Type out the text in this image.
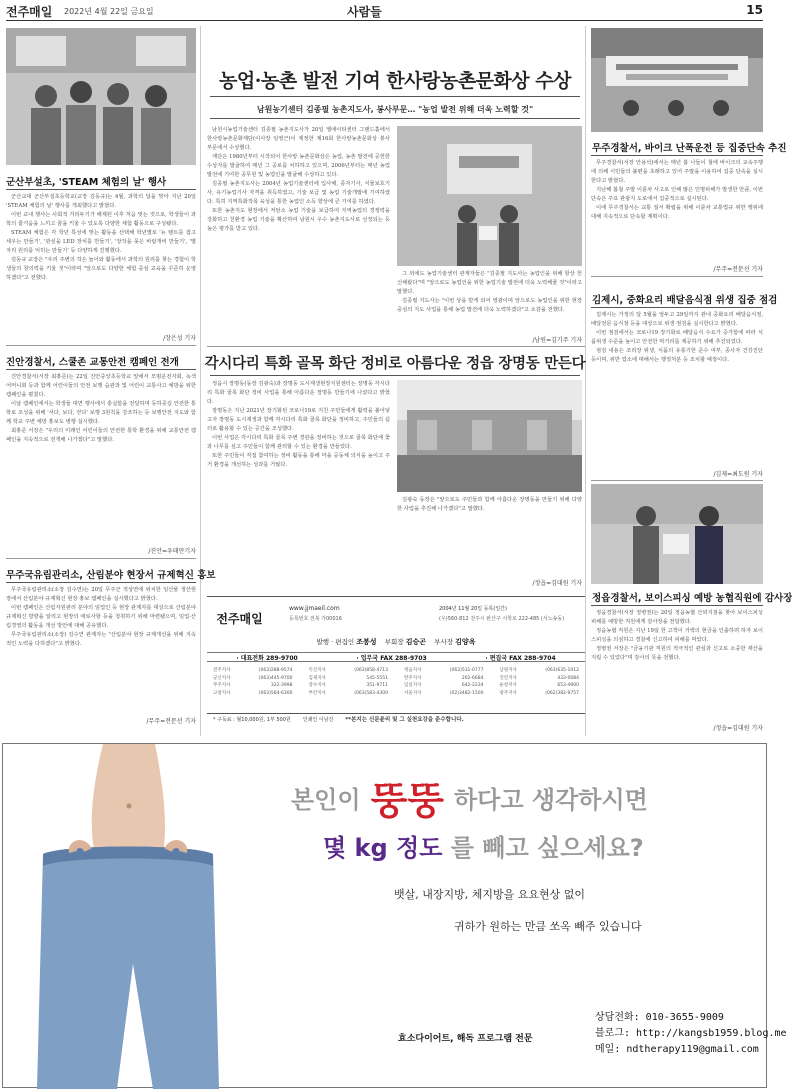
전주매일 2022년 4월 22일 금요일	사람들	15
군산부설초, 'STEAM 체험의 날' 행사

군산교대 군산부설초등학교(교장 김동규)는 4월, 과학의 달을 맞아 지난 20일 'STEAM 체험의 날' 행사를 개최했다고 밝혔다.

이번 교내 행사는 사회적 거리두기가 해제된 이후 처음 맞는 것으로, 학생들이 과학의 즐거움을 느끼고 꿈을 키울 수 있도록 다양한 체험 활동으로 구성됐다.

STEAM 체험은 각 학년 특성에 맞는 활동을 선택해 학년별로 '뉴 텐트를 접고 세우는 만들기', '관심을 LED 장치를 만들기', '장작을 꽂은 바람개비 만들기', '별자리 원리를 익히는 만들기' 등 다양하게 진행했다.

김동규 교장은 "우리 주변의 작은 놀이와 활동에서 과학의 원리를 찾는 경험이 학생들의 창의력을 키울 것"이라며 "앞으로도 다양한 체험 중심 교육을 꾸준히 운영하겠다"고 전했다.

/장은성 기자
진안경찰서, 스쿨존 교통안전 캠페인 전개

진안경찰서(서장 최홍준)는 22일 진안중앙초등학교 앞에서 모범운전자회, 녹색어머니회 등과 함께 어린이들의 안전 보행 습관과 및 어린이 교통사고 예방을 위한 캠페인을 펼쳤다.

이날 캠페인에서는 학생들 대면 행사에서 충실함을 전달하며 등하굣길 안전한 통학로 조성을 위해 '서다, 보다, 걷다' 보행 3원칙을 강조하는 등 보행안전 지도와 함께 학교 주변 예방 홍보도 병행 실시했다.

최홍준 서장은 "우리의 미래인 어린이들의 안전한 통학 환경을 위해 교통안전 캠페인을 지속적으로 전개해 나가겠다"고 말했다.

/진안=우태만기자
무주국유림관리소, 산림분야 현장서 규제혁신 홍보

무주국유림관리소(소장 김수연)는 20일 무주군 적상면에 위치한 임산물 생산현장에서 산림분야 규제혁신 현장 홍보 캠페인을 실시했다고 밝혔다.

이번 캠페인은 산림자원관리 분야의 임업인 등 현장 관계자를 대상으로 산림분야 규제혁신 방향을 알리고 현장의 애로사항 등을 청취하기 위해 마련됐으며, 임업·산림경영의 활동을 개선 방안에 대해 공유했다.

무주국유림관리소(소장) 김수연 관계자는 "산림분야 현장 규제개선을 위해 지속적인 노력을 다하겠다"고 밝혔다.

/무주=전문선 기자
농업·농촌 발전 기여 한사랑농촌문화상 수상
남원농기센터 김종필 농촌지도사, 봉사부문… "농업 발전 위해 더욱 노력할 것"

남원시농업기술센터 김종필 농촌지도사가 20일 엘에이티센터 그랜드홀에서 한사랑농촌문화재단(이사장 임영근)이 제정한 제16회 한사랑농촌문화상 봉사부문에서 수상했다.

재단은 1980년부터 시작되어 한사랑 농촌문화상은 농업, 농촌 발전에 공헌한 수상자를 발굴하여 매년 그 공로를 치하하고 있으며, 2006년부터는 매년 농업 발전에 기여한 공무원 및 농업인을 발굴해 수상하고 있다.

김종필 농촌지도사는 2004년 농업기술센터에 입사해, 종자기사, 식물보호기사, 유기농업기사 자격을 취득하였고, 기술 보급 및 농업 기술개발에 기여하였다. 특히 지역특화작목 육성을 통한 농업인 소득 향상에 큰 기여를 하였다.

또한 농촌지도 현장에서 저탄소 농업 기술을 보급하여 지역농업의 경쟁력을 강화하고 친환경 농업 기술을 확산하여 남원시 우수 농촌지도사로 선정되는 등 높은 평가를 받고 있다.

그 외에도 농업기술센터 관계자들은 "김종필 지도사는 농업인을 위해 항상 헌신해왔다"며 "앞으로도 농업인을 위한 농업기술 발전에 더욱 노력해줄 것"이라고 말했다.

김종필 지도사는 "이번 상을 받게 되어 영광이며 앞으로도 농업인을 위한 현장 중심의 지도 사업을 통해 농업 발전에 더욱 노력하겠다"고 소감을 전했다.

/남원=김기주 기자
각시다리 특화 골목 화단 정비로 아름다운 정읍 장명동 만든다

정읍시 장명동(동장 김광숙)과 장명동 도시재생현장지원센터는 장명동 각시다리 특화 골목 화단 정비 사업을 통해 아름다운 장명동 만들기에 나섰다고 밝혔다.

장명동은 지난 2021년 장기화된 코로나19로 지친 주민들에게 활력을 불어넣고자 장명동 도시재생과 함께 각시다리 특화 골목 화단을 정비하고, 주민들의 쉼터로 활용할 수 있는 공간을 조성했다.

이번 사업은 각시다리 특화 골목 주변 경관을 정비하는 것으로 골목 화단에 꽃과 나무를 심고 주민들이 함께 관리할 수 있는 환경을 만들었다.

또한 주민들이 직접 참여하는 정비 활동을 통해 마을 공동체 의식을 높이고 주거 환경을 개선하는 성과를 거뒀다.

김광숙 동장은 "앞으로도 주민들과 함께 아름다운 장명동을 만들기 위해 다양한 사업을 추진해 나가겠다"고 말했다.

/정읍=김대원 기자
전주매일
www.jjmaeil.com
등록번호 전북 가00016
2004년 11월 20일 등록(일간)
(우)560-812 전주시 완산구 서학로 222-485 (서노송동)
발행 · 편집인 조봉성 부회장 김승곤 부사장 김양옥
· 대표전화 289-9700	· 업무국 FAX 288-9703	· 편집국 FAX 288-9704
전주지사	(063)288-9574	익산지사	(063)858-4713	정읍지사	(063)531-0777	남원지사	(063)635-1012
군산지사	(063)445-9700	김제지사	545-5551	완주지사	262-6684	진안지사	433-0084
무주지사	322-3998	장수지사	351-9711	임실지사	642-2234	순창지사	653-4900
고창지사	(063)564-6300	부안지사	(063)583-4300	서울지사	(02)3482-1500	광주지사	(062)382-9757
* 구독료 : 월10,000원, 1부 500원 인쇄인 이남진 **본지는 신문윤리 및 그 실천요강을 준수합니다.
무주경찰서, 바이크 난폭운전 등 집중단속 추진

무주경찰서(서장 안용석)에서는 매년 봄 나들이 철에 바이크의 교속주행에 의해 시민들의 불편을 초래하고 있어 주말을 이용하여 집중 단속을 실시한다고 밝혔다.

지난해 봄철 주말 이륜차 사고로 인해 많은 인명피해가 발생한 만큼, 이번 단속은 주요 관광지 도로에서 집중적으로 실시된다.

이에 무주경찰서는 교통 질서 확립을 위해 이륜차 교통법규 위반 행위에 대해 지속적으로 단속할 계획이다.

/무주=전문선 기자
김제시, 중화요리 배달음식점 위생 집중 점검

김제시는 가정의 달 5월을 앞두고 29일까지 관내 중화요리 배달음식점, 배달전문 음식점 등을 대상으로 위생 점검을 실시한다고 밝혔다.

이번 점검에서는 코로나19 장기화로 배달음식 수요가 증가함에 따라 식품위생 수준을 높이고 안전한 먹거리를 제공하기 위해 추진되었다.

점검 내용은 조리장 위생, 식품의 유통기한 준수 여부, 종사자 건강진단 등이며, 위반 업소에 대해서는 행정처분 등 조치할 예정이다.

/김제=최도원 기자
정읍경찰서, 보이스피싱 예방 농협직원에 감사장

정읍경찰서(서장 정병권)는 20일 정읍농협 산외지점을 찾아 보이스피싱 피해를 예방한 직원에게 감사장을 전달했다.

정읍농협 직원은 지난 19일 한 고객이 거액의 현금을 인출하려 하자 보이스피싱을 의심하고 경찰에 신고하여 피해를 막았다.

정병권 서장은 "금융기관 직원의 적극적인 관심과 신고로 소중한 재산을 지킬 수 있었다"며 감사의 뜻을 전했다.

/정읍=김대원 기자
본인이 뚱뚱 하다고 생각하시면
몇 kg 정도 를 빼고 싶으세요?
뱃살, 내장지방, 체지방을 요요현상 없이
귀하가 원하는 만큼 쏘옥 빼주 있습니다
효소다이어트, 해독 프로그램 전문
상담전화: 010-3655-9009
블로그: http://kangsb1959.blog.me
메일: ndtherapy119@gmail.com
